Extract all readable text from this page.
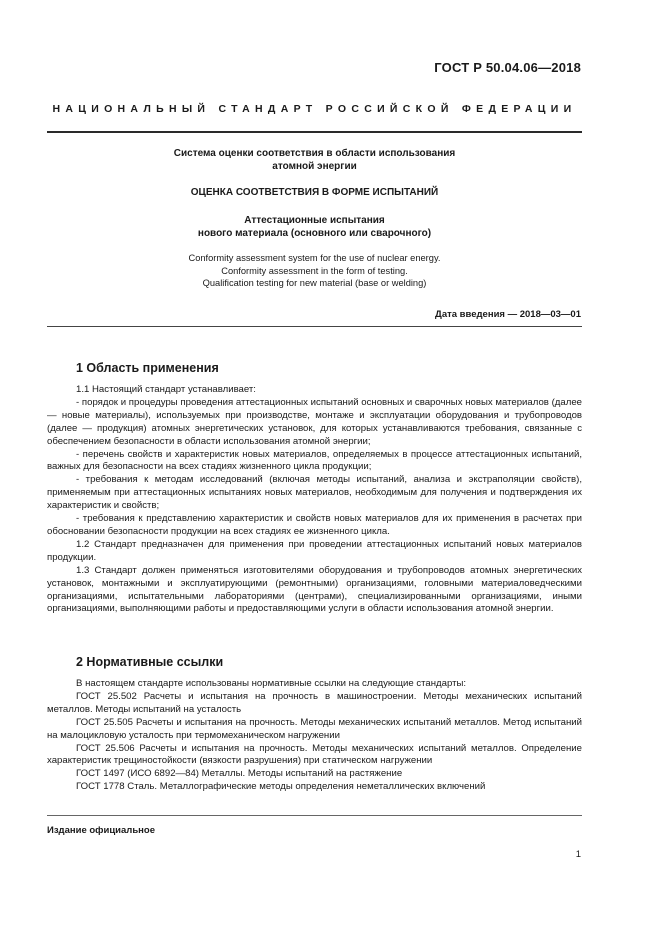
ГОСТ Р 50.04.06—2018
НАЦИОНАЛЬНЫЙ СТАНДАРТ РОССИЙСКОЙ ФЕДЕРАЦИИ
Система оценки соответствия в области использования
атомной энергии
ОЦЕНКА СООТВЕТСТВИЯ В ФОРМЕ ИСПЫТАНИЙ
Аттестационные испытания
нового материала (основного или сварочного)
Conformity assessment system for the use of nuclear energy.
Conformity assessment in the form of testing.
Qualification testing for new material (base or welding)
Дата введения — 2018—03—01
1 Область применения

1.1 Настоящий стандарт устанавливает:

- порядок и процедуры проведения аттестационных испытаний основных и сварочных новых материалов (далее — новые материалы), используемых при производстве, монтаже и эксплуатации оборудования и трубопроводов (далее — продукция) атомных энергетических установок, для которых устанавливаются требования, связанные с обеспечением безопасности в области использования атомной энергии;

- перечень свойств и характеристик новых материалов, определяемых в процессе аттестационных испытаний, важных для безопасности на всех стадиях жизненного цикла продукции;

- требования к методам исследований (включая методы испытаний, анализа и экстраполяции свойств), применяемым при аттестационных испытаниях новых материалов, необходимым для получения и подтверждения их характеристик и свойств;

- требования к представлению характеристик и свойств новых материалов для их применения в расчетах при обосновании безопасности продукции на всех стадиях ее жизненного цикла.

1.2 Стандарт предназначен для применения при проведении аттестационных испытаний новых материалов продукции.

1.3 Стандарт должен применяться изготовителями оборудования и трубопроводов атомных энергетических установок, монтажными и эксплуатирующими (ремонтными) организациями, головными материаловедческими организациями, испытательными лабораториями (центрами), специализированными организациями, иными организациями, выполняющими работы и предоставляющими услуги в области использования атомной энергии.

2 Нормативные ссылки

В настоящем стандарте использованы нормативные ссылки на следующие стандарты:

ГОСТ 25.502 Расчеты и испытания на прочность в машиностроении. Методы механических испытаний металлов. Методы испытаний на усталость

ГОСТ 25.505 Расчеты и испытания на прочность. Методы механических испытаний металлов. Метод испытаний на малоцикловую усталость при термомеханическом нагружении

ГОСТ 25.506 Расчеты и испытания на прочность. Методы механических испытаний металлов. Определение характеристик трещиностойкости (вязкости разрушения) при статическом нагружении

ГОСТ 1497 (ИСО 6892—84) Металлы. Методы испытаний на растяжение

ГОСТ 1778 Сталь. Металлографические методы определения неметаллических включений

Издание официальное
1
